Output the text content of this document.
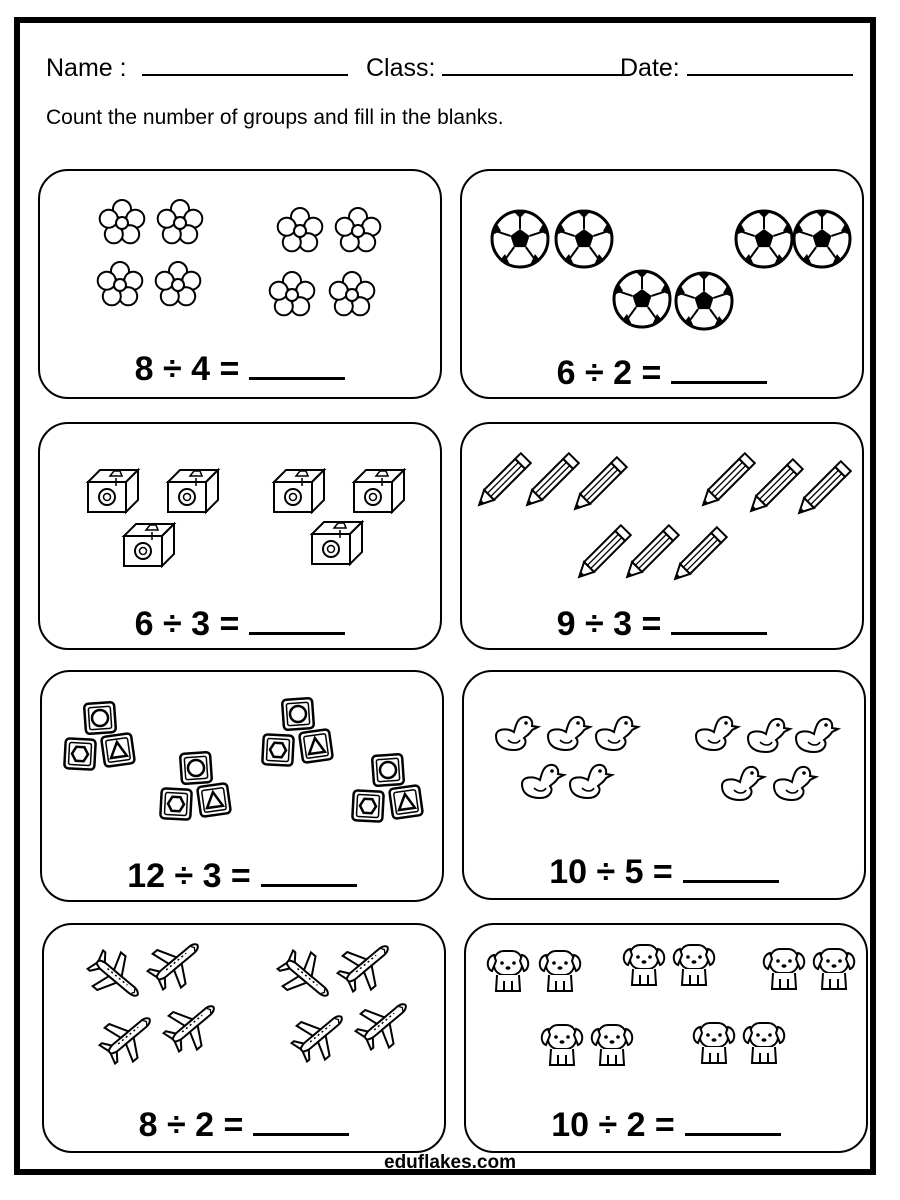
Name :	Class:	Date:
Count the number of groups and fill in the blanks.
8 ÷ 4 =	6 ÷ 2 =
6 ÷ 3 =	9 ÷ 3 =
12 ÷ 3 =	10 ÷ 5 =
8 ÷ 2 =	10 ÷ 2 =
eduflakes.com
